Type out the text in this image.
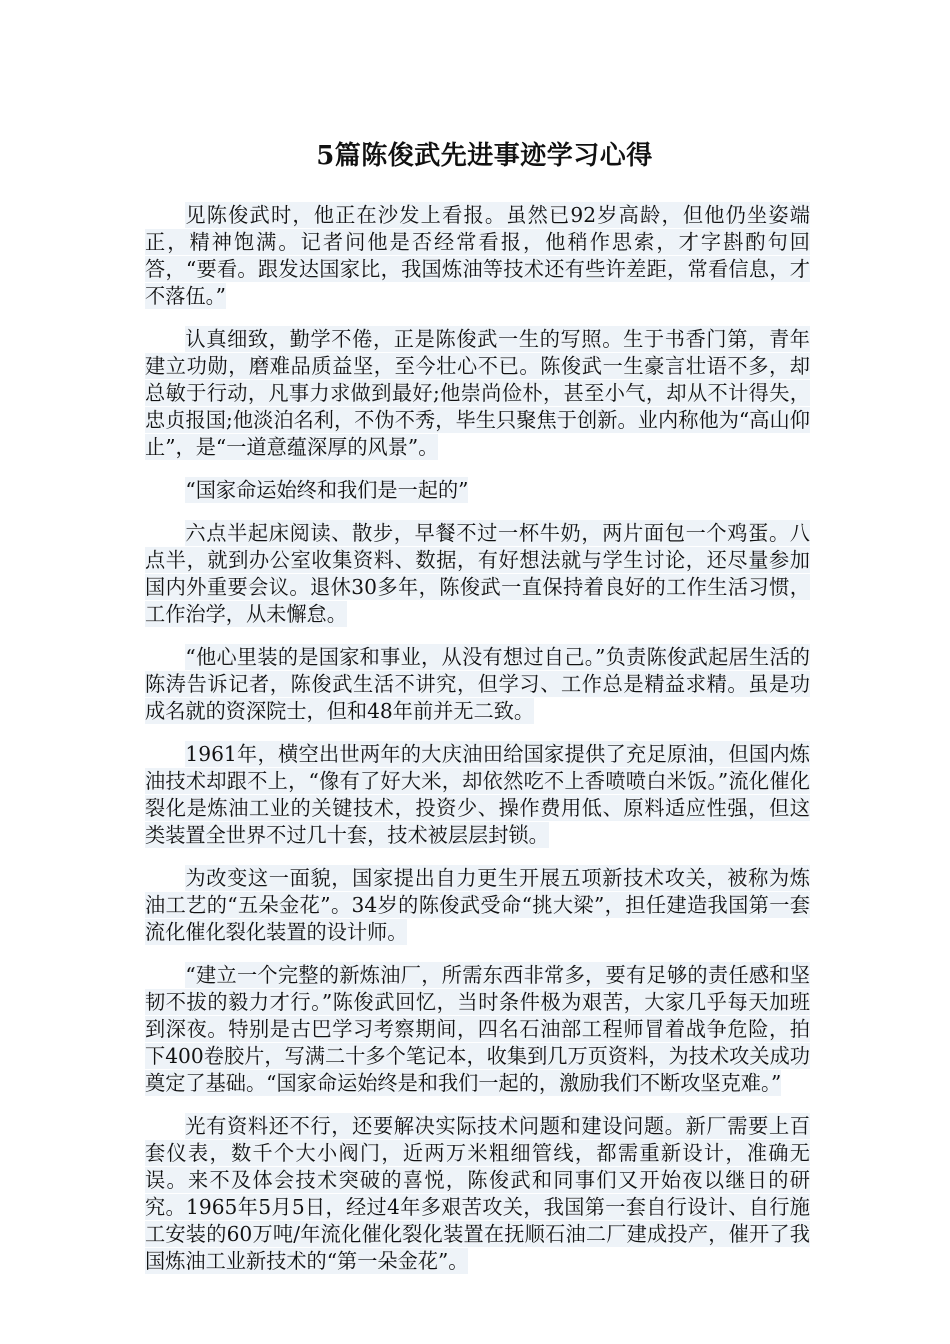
5篇陈俊武先进事迹学习心得

见陈俊武时，他正在沙发上看报。虽然已92岁高龄，但他仍坐姿端正，精神饱满。记者问他是否经常看报，他稍作思索，才字斟酌句回答，“要看。跟发达国家比，我国炼油等技术还有些许差距，常看信息，才不落伍。”

认真细致，勤学不倦，正是陈俊武一生的写照。生于书香门第，青年建立功勋，磨难品质益坚，至今壮心不已。陈俊武一生豪言壮语不多，却总敏于行动，凡事力求做到最好;他崇尚俭朴，甚至小气，却从不计得失，忠贞报国;他淡泊名利，不伪不秀，毕生只聚焦于创新。业内称他为“高山仰止”，是“一道意蕴深厚的风景”。

“国家命运始终和我们是一起的”

六点半起床阅读、散步，早餐不过一杯牛奶，两片面包一个鸡蛋。八点半，就到办公室收集资料、数据，有好想法就与学生讨论，还尽量参加国内外重要会议。退休30多年，陈俊武一直保持着良好的工作生活习惯，工作治学，从未懈怠。

“他心里装的是国家和事业，从没有想过自己。”负责陈俊武起居生活的陈涛告诉记者，陈俊武生活不讲究，但学习、工作总是精益求精。虽是功成名就的资深院士，但和48年前并无二致。

1961年，横空出世两年的大庆油田给国家提供了充足原油，但国内炼油技术却跟不上，“像有了好大米，却依然吃不上香喷喷白米饭。”流化催化裂化是炼油工业的关键技术，投资少、操作费用低、原料适应性强，但这类装置全世界不过几十套，技术被层层封锁。

为改变这一面貌，国家提出自力更生开展五项新技术攻关，被称为炼油工艺的“五朵金花”。34岁的陈俊武受命“挑大梁”，担任建造我国第一套流化催化裂化装置的设计师。

“建立一个完整的新炼油厂，所需东西非常多，要有足够的责任感和坚韧不拔的毅力才行。”陈俊武回忆，当时条件极为艰苦，大家几乎每天加班到深夜。特别是古巴学习考察期间，四名石油部工程师冒着战争危险，拍下400卷胶片，写满二十多个笔记本，收集到几万页资料，为技术攻关成功奠定了基础。“国家命运始终是和我们一起的，激励我们不断攻坚克难。”

光有资料还不行，还要解决实际技术问题和建设问题。新厂需要上百套仪表，数千个大小阀门，近两万米粗细管线，都需重新设计，准确无误。来不及体会技术突破的喜悦，陈俊武和同事们又开始夜以继日的研究。1965年5月5日，经过4年多艰苦攻关，我国第一套自行设计、自行施工安装的60万吨/年流化催化裂化装置在抚顺石油二厂建成投产，催开了我国炼油工业新技术的“第一朵金花”。
